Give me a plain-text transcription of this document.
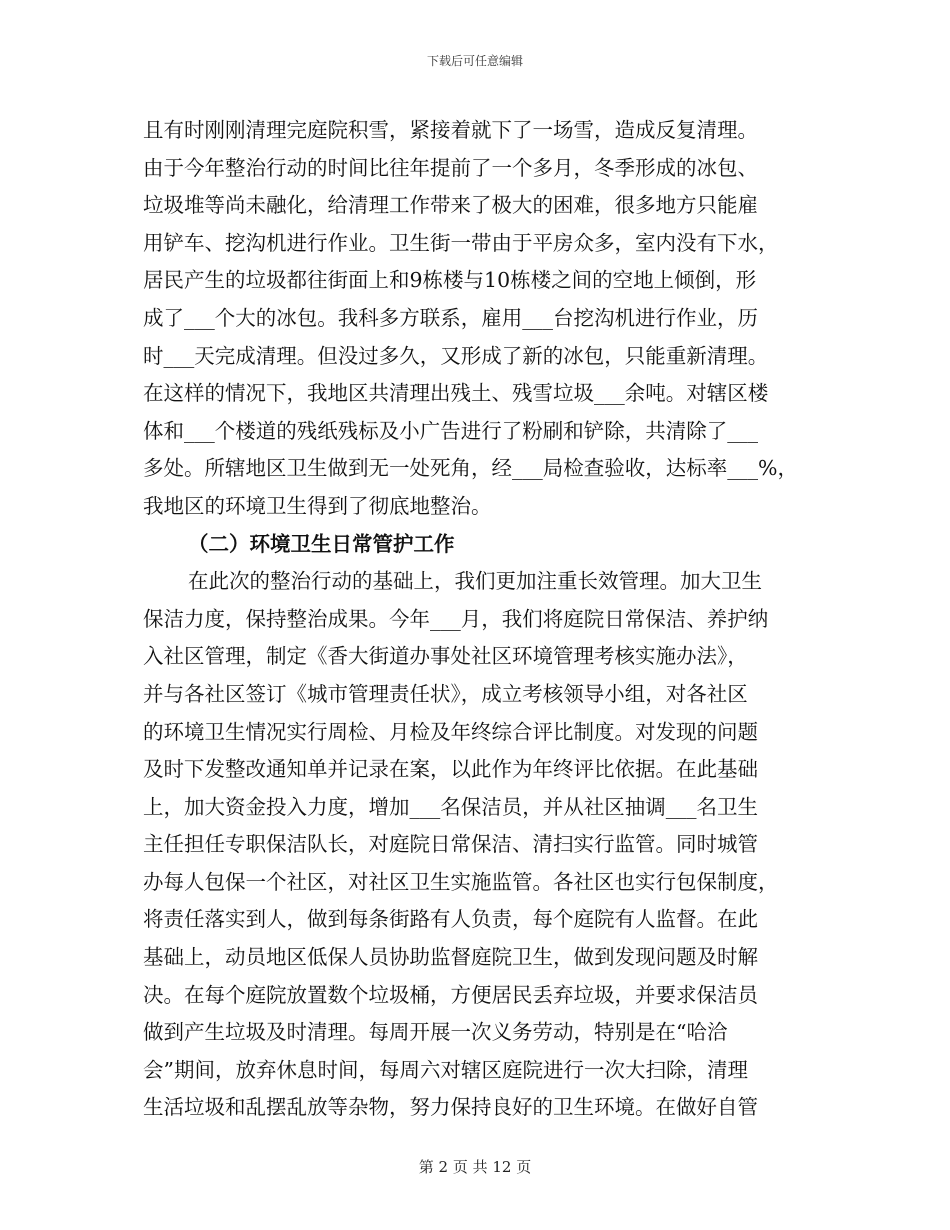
下载后可任意编辑
且有时刚刚清理完庭院积雪，紧接着就下了一场雪，造成反复清理。
由于今年整治行动的时间比往年提前了一个多月，冬季形成的冰包、
垃圾堆等尚未融化，给清理工作带来了极大的困难，很多地方只能雇
用铲车、挖沟机进行作业。卫生街一带由于平房众多，室内没有下水，
居民产生的垃圾都往街面上和9栋楼与10栋楼之间的空地上倾倒，形
成了___个大的冰包。我科多方联系，雇用___台挖沟机进行作业，历
时___天完成清理。但没过多久，又形成了新的冰包，只能重新清理。
在这样的情况下，我地区共清理出残土、残雪垃圾___余吨。对辖区楼
体和___个楼道的残纸残标及小广告进行了粉刷和铲除，共清除了___
多处。所辖地区卫生做到无一处死角，经___局检查验收，达标率___%，
我地区的环境卫生得到了彻底地整治。
（二）环境卫生日常管护工作
在此次的整治行动的基础上，我们更加注重长效管理。加大卫生
保洁力度，保持整治成果。今年___月，我们将庭院日常保洁、养护纳
入社区管理，制定《香大街道办事处社区环境管理考核实施办法》，
并与各社区签订《城市管理责任状》，成立考核领导小组，对各社区
的环境卫生情况实行周检、月检及年终综合评比制度。对发现的问题
及时下发整改通知单并记录在案，以此作为年终评比依据。在此基础
上，加大资金投入力度，增加___名保洁员，并从社区抽调___名卫生
主任担任专职保洁队长，对庭院日常保洁、清扫实行监管。同时城管
办每人包保一个社区，对社区卫生实施监管。各社区也实行包保制度，
将责任落实到人，做到每条街路有人负责，每个庭院有人监督。在此
基础上，动员地区低保人员协助监督庭院卫生，做到发现问题及时解
决。在每个庭院放置数个垃圾桶，方便居民丢弃垃圾，并要求保洁员
做到产生垃圾及时清理。每周开展一次义务劳动，特别是在“哈洽
会”期间，放弃休息时间，每周六对辖区庭院进行一次大扫除，清理
生活垃圾和乱摆乱放等杂物，努力保持良好的卫生环境。在做好自管
第 2 页 共 12 页
